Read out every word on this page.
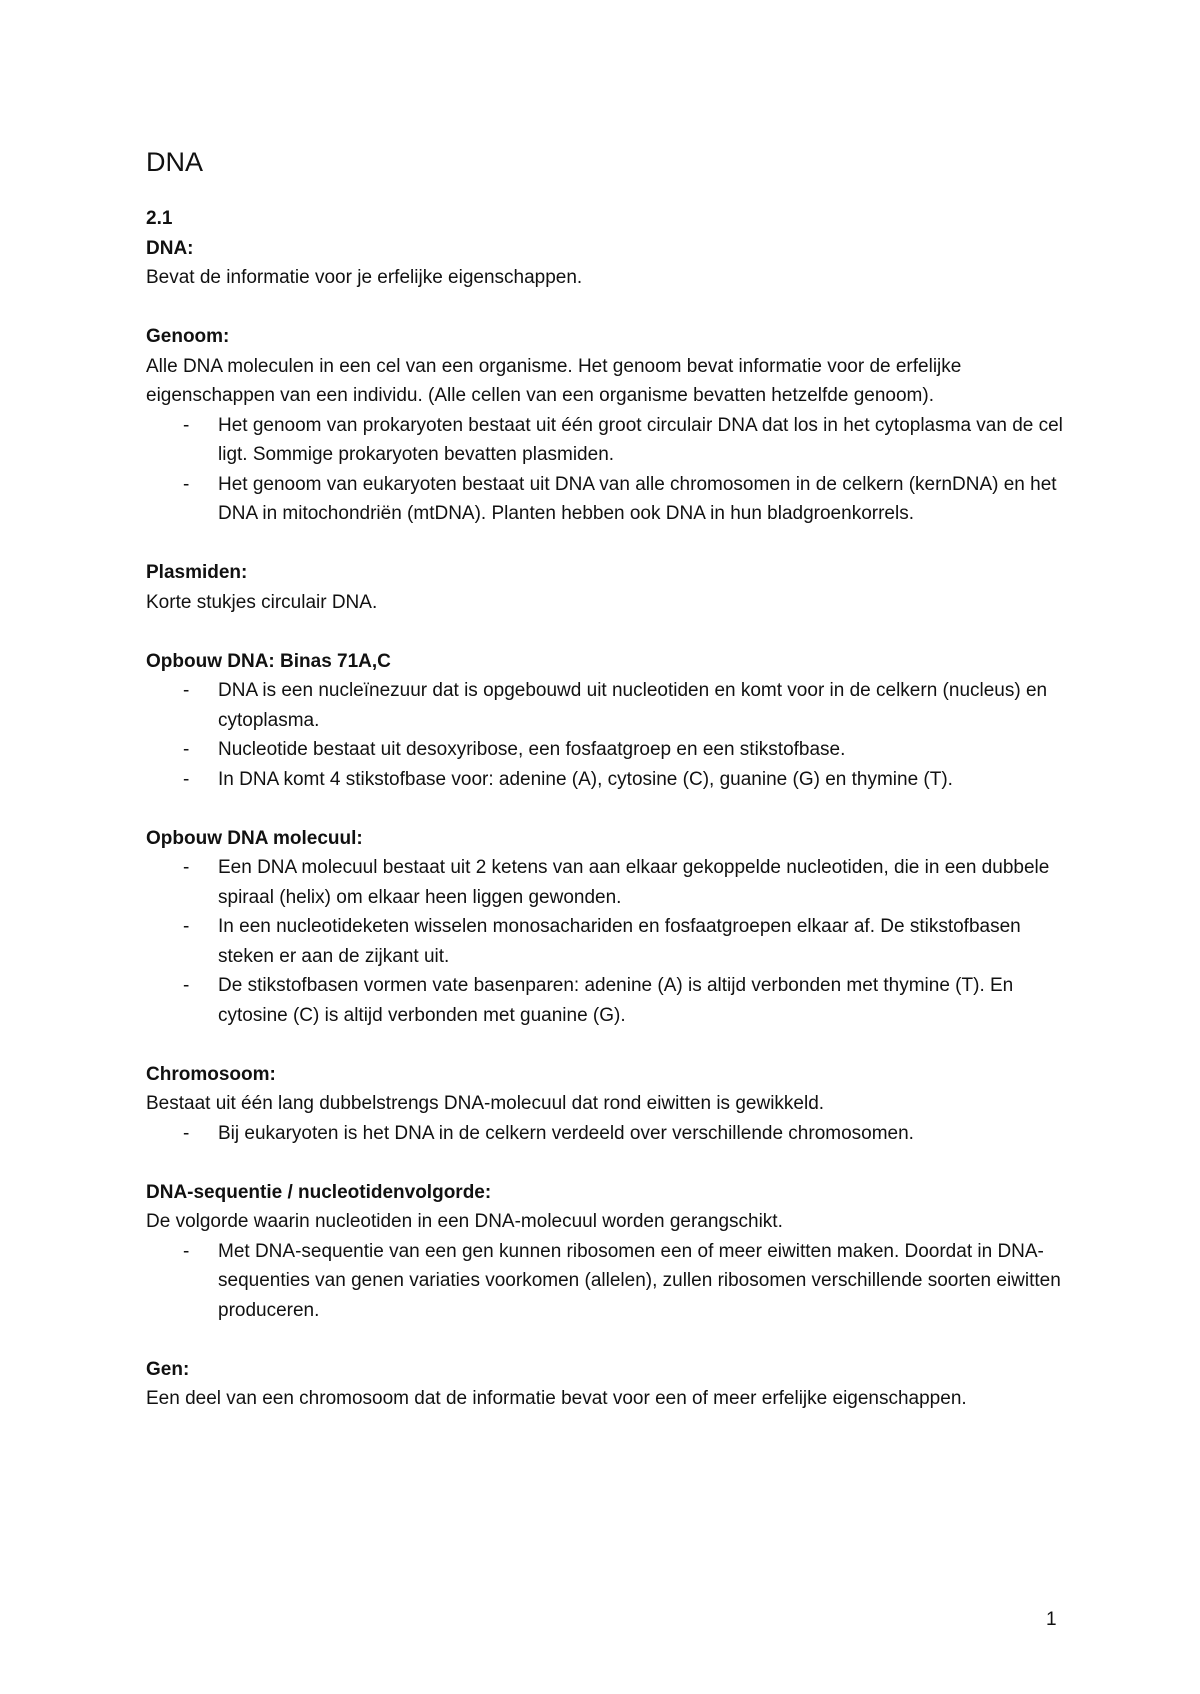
DNA
2.1
DNA:
Bevat de informatie voor je erfelijke eigenschappen.
Genoom:
Alle DNA moleculen in een cel van een organisme. Het genoom bevat informatie voor de erfelijke eigenschappen van een individu. (Alle cellen van een organisme bevatten hetzelfde genoom).
- Het genoom van prokaryoten bestaat uit één groot circulair DNA dat los in het cytoplasma van de cel ligt. Sommige prokaryoten bevatten plasmiden.
- Het genoom van eukaryoten bestaat uit DNA van alle chromosomen in de celkern (kernDNA) en het DNA in mitochondriën (mtDNA). Planten hebben ook DNA in hun bladgroenkorrels.
Plasmiden:
Korte stukjes circulair DNA.
Opbouw DNA: Binas 71A,C
- DNA is een nucleïnezuur dat is opgebouwd uit nucleotiden en komt voor in de celkern (nucleus) en cytoplasma.
- Nucleotide bestaat uit desoxyribose, een fosfaatgroep en een stikstofbase.
- In DNA komt 4 stikstofbase voor: adenine (A), cytosine (C), guanine (G) en thymine (T).
Opbouw DNA molecuul:
- Een DNA molecuul bestaat uit 2 ketens van aan elkaar gekoppelde nucleotiden, die in een dubbele spiraal (helix) om elkaar heen liggen gewonden.
- In een nucleotideketen wisselen monosachariden en fosfaatgroepen elkaar af. De stikstofbasen steken er aan de zijkant uit.
- De stikstofbasen vormen vate basenparen: adenine (A) is altijd verbonden met thymine (T). En cytosine (C) is altijd verbonden met guanine (G).
Chromosoom:
Bestaat uit één lang dubbelstrengs DNA-molecuul dat rond eiwitten is gewikkeld.
- Bij eukaryoten is het DNA in de celkern verdeeld over verschillende chromosomen.
DNA-sequentie / nucleotidenvolgorde:
De volgorde waarin nucleotiden in een DNA-molecuul worden gerangschikt.
- Met DNA-sequentie van een gen kunnen ribosomen een of meer eiwitten maken. Doordat in DNA-sequenties van genen variaties voorkomen (allelen), zullen ribosomen verschillende soorten eiwitten produceren.
Gen:
Een deel van een chromosoom dat de informatie bevat voor een of meer erfelijke eigenschappen.
1
